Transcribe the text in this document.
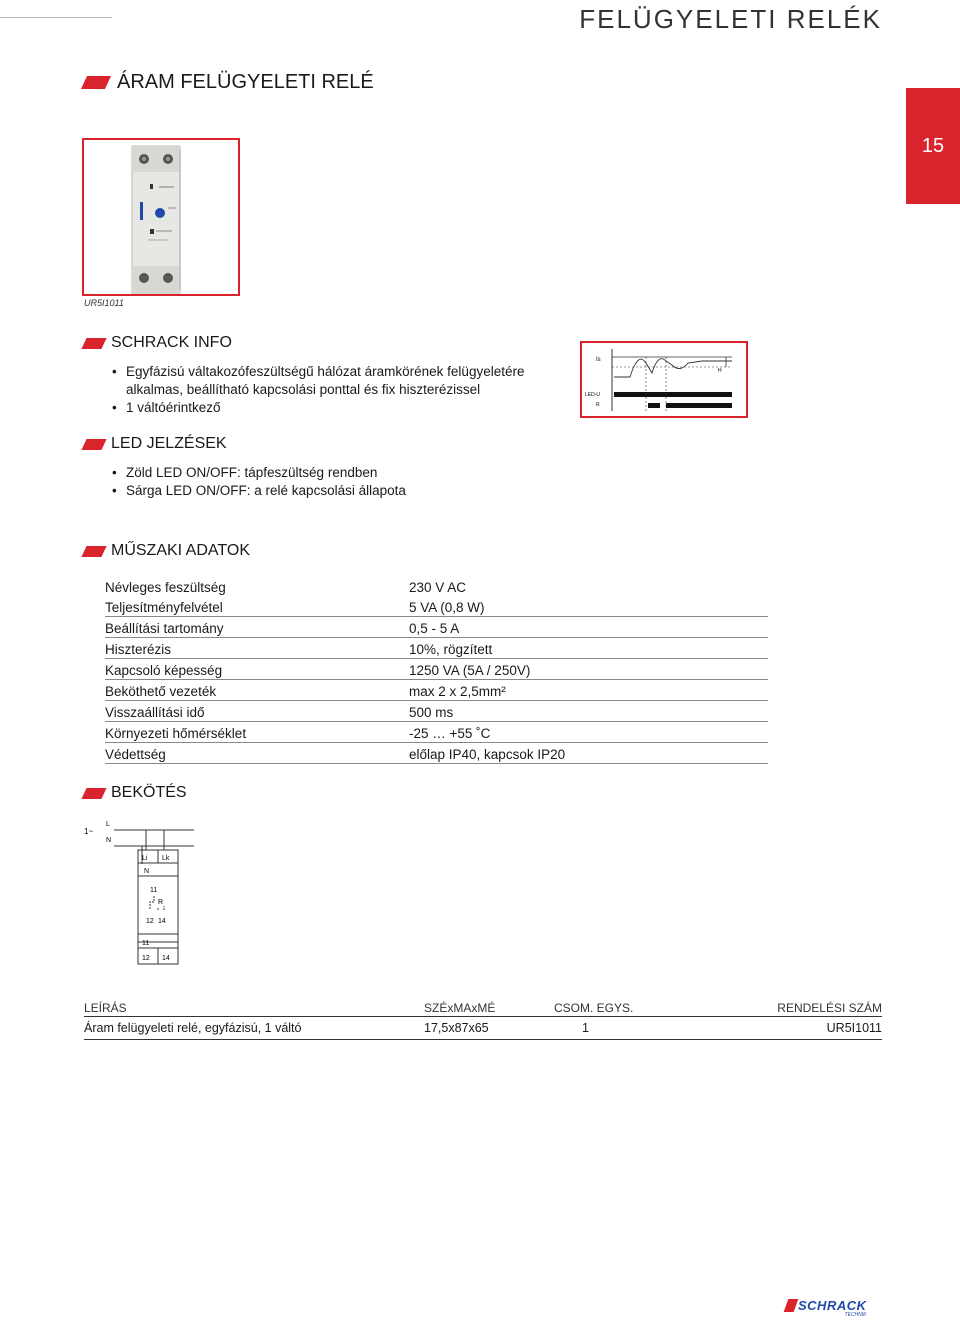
FELÜGYELETI RELÉK
15
ÁRAM FELÜGYELETI RELÉ
UR5I1011
SCHRACK INFO
• Egyfázisú váltakozófeszültségű hálózat áramkörének felügyeletére alkalmas, beállítható kapcsolási ponttal és fix hiszterézissel
• 1 váltóérintkező
Is
H
LED-U
R
LED JELZÉSEK
• Zöld LED ON/OFF: tápfeszültség rendben
• Sárga LED ON/OFF: a relé kapcsolási állapota
MŰSZAKI ADATOK
Névleges feszültség	230 V AC
Teljesítményfelvétel	5 VA (0,8 W)
Beállítási tartomány	0,5 - 5 A
Hiszterézis	10%, rögzített
Kapcsoló képesség	1250 VA (5A / 250V)
Beköthető vezeték	max 2 x 2,5mm²
Visszaállítási idő	500 ms
Környezeti hőmérséklet	-25 … +55 ˚C
Védettség	előlap IP40, kapcsok IP20
BEKÖTÉS
1~
L
N
Li Lk
N
11
R
12 14
11
12 14
LEÍRÁS	SZÉxMAxMÉ	CSOM. EGYS.	RENDELÉSI SZÁM
Áram felügyeleti relé, egyfázisú, 1 váltó	17,5x87x65	1	UR5I1011
SCHRACK
TECHNIK
